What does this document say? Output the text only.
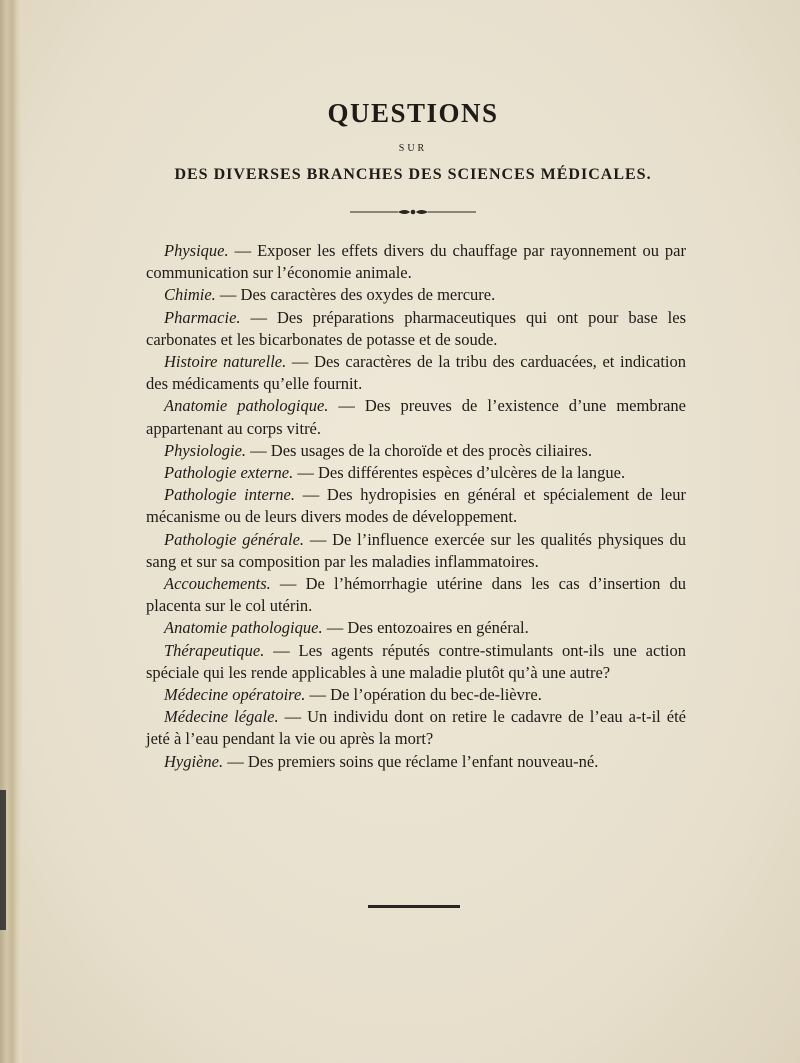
QUESTIONS
SUR
DES DIVERSES BRANCHES DES SCIENCES MÉDICALES.

Physique. — Exposer les effets divers du chauffage par rayonnement ou par communication sur l’économie animale.

Chimie. — Des caractères des oxydes de mercure.

Pharmacie. — Des préparations pharmaceutiques qui ont pour base les carbonates et les bicarbonates de potasse et de soude.

Histoire naturelle. — Des caractères de la tribu des carduacées, et indication des médicaments qu’elle fournit.

Anatomie pathologique. — Des preuves de l’existence d’une membrane appartenant au corps vitré.

Physiologie. — Des usages de la choroïde et des procès ciliaires.

Pathologie externe. — Des différentes espèces d’ulcères de la langue.

Pathologie interne. — Des hydropisies en général et spécialement de leur mécanisme ou de leurs divers modes de développement.

Pathologie générale. — De l’influence exercée sur les qualités physiques du sang et sur sa composition par les maladies inflammatoires.

Accouchements. — De l’hémorrhagie utérine dans les cas d’insertion du placenta sur le col utérin.

Anatomie pathologique. — Des entozoaires en général.

Thérapeutique. — Les agents réputés contre-stimulants ont-ils une action spéciale qui les rende applicables à une maladie plutôt qu’à une autre?

Médecine opératoire. — De l’opération du bec-de-lièvre.

Médecine légale. — Un individu dont on retire le cadavre de l’eau a-t-il été jeté à l’eau pendant la vie ou après la mort?

Hygiène. — Des premiers soins que réclame l’enfant nouveau-né.
